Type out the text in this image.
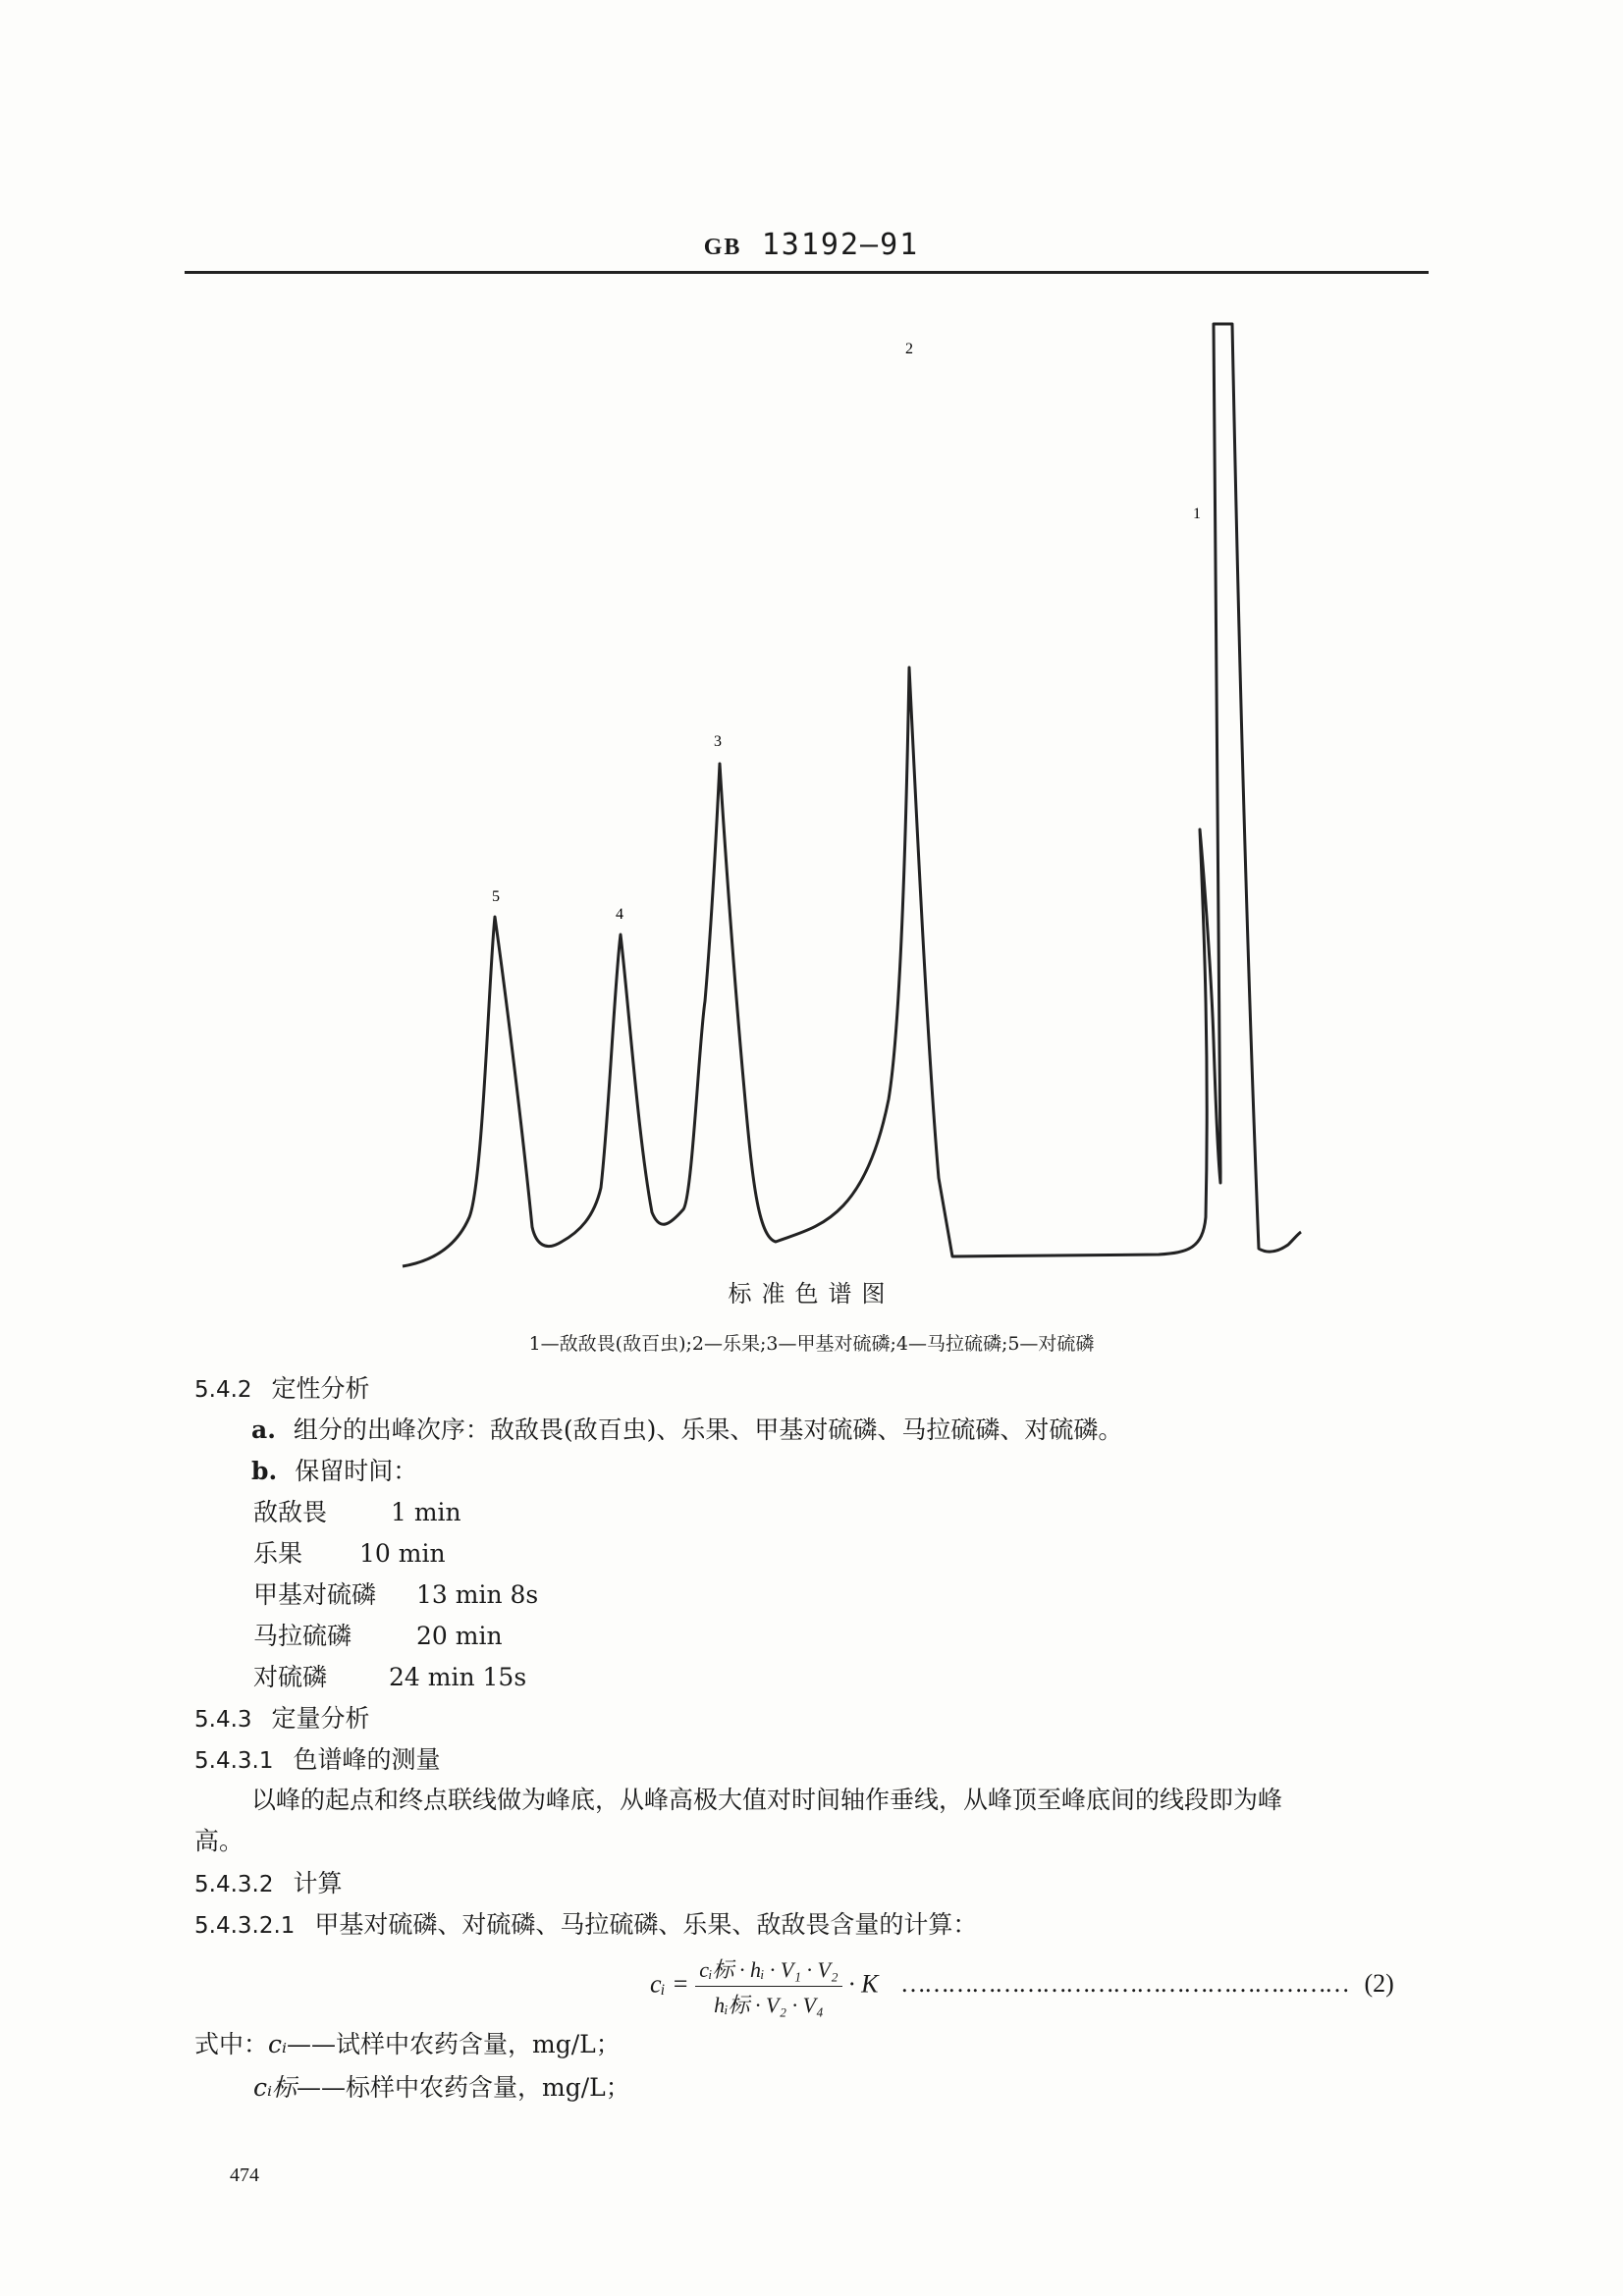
GB 13192—91
5
4
3
2
1
标准色谱图
1—敌敌畏(敌百虫);2—乐果;3—甲基对硫磷;4—马拉硫磷;5—对硫磷
5.4.2 定性分析
a. 组分的出峰次序：敌敌畏(敌百虫)、乐果、甲基对硫磷、马拉硫磷、对硫磷。
b. 保留时间：
敌敌畏	1 min
乐果 10 min
甲基对硫磷 13 min 8s
马拉硫磷	20 min
对硫磷	24 min 15s
5.4.3 定量分析
5.4.3.1 色谱峰的测量
以峰的起点和终点联线做为峰底，从峰高极大值对时间轴作垂线，从峰顶至峰底间的线段即为峰
高。
5.4.3.2 计算
5.4.3.2.1 甲基对硫磷、对硫磷、马拉硫磷、乐果、敌敌畏含量的计算：
cᵢ = $\frac{\text{cᵢ标 · hᵢ · V₁ · V₂}}{\text{hᵢ标 · V₂ · V₄}} \cdot K$ ………………………………………………… (2)
式中：cᵢ——试样中农药含量，mg/L；
cᵢ标——标样中农药含量，mg/L；
474
